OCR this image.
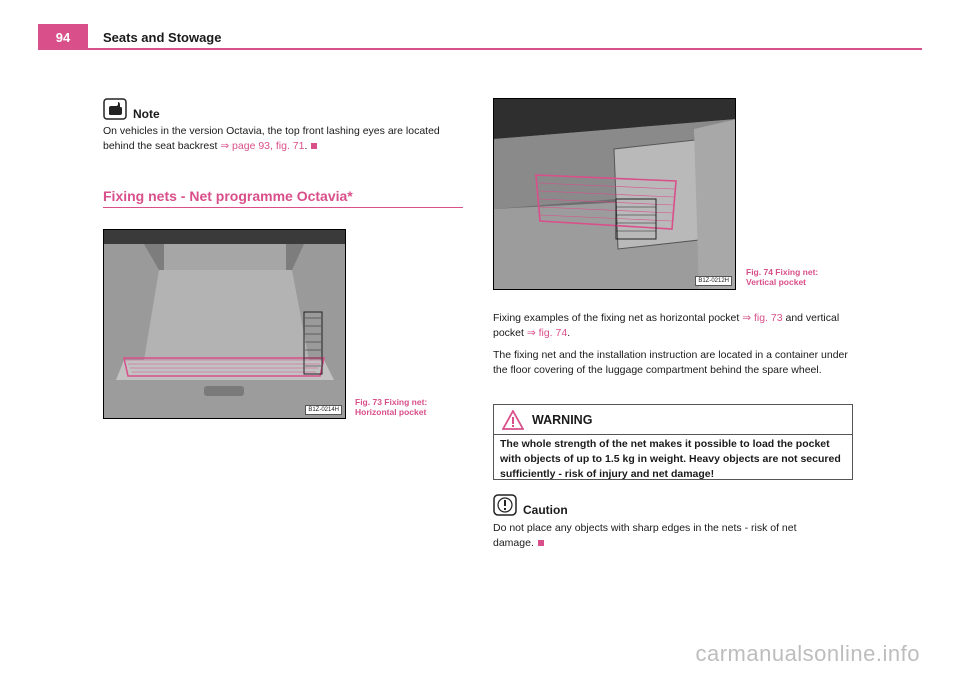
94	Seats and Stowage
Note
On vehicles in the version Octavia, the top front lashing eyes are located behind the seat backrest ⇒ page 93, fig. 71.
Fixing nets - Net programme Octavia*
B1Z-0214H
Fig. 73 Fixing net:
Horizontal pocket
B1Z-0212H
Fig. 74 Fixing net:
Vertical pocket
Fixing examples of the fixing net as horizontal pocket ⇒ fig. 73 and vertical pocket ⇒ fig. 74.
The fixing net and the installation instruction are located in a container under the floor covering of the luggage compartment behind the spare wheel.
WARNING
The whole strength of the net makes it possible to load the pocket with objects of up to 1.5 kg in weight. Heavy objects are not secured sufficiently - risk of injury and net damage!
Caution
Do not place any objects with sharp edges in the nets - risk of net damage.
carmanualsonline.info
